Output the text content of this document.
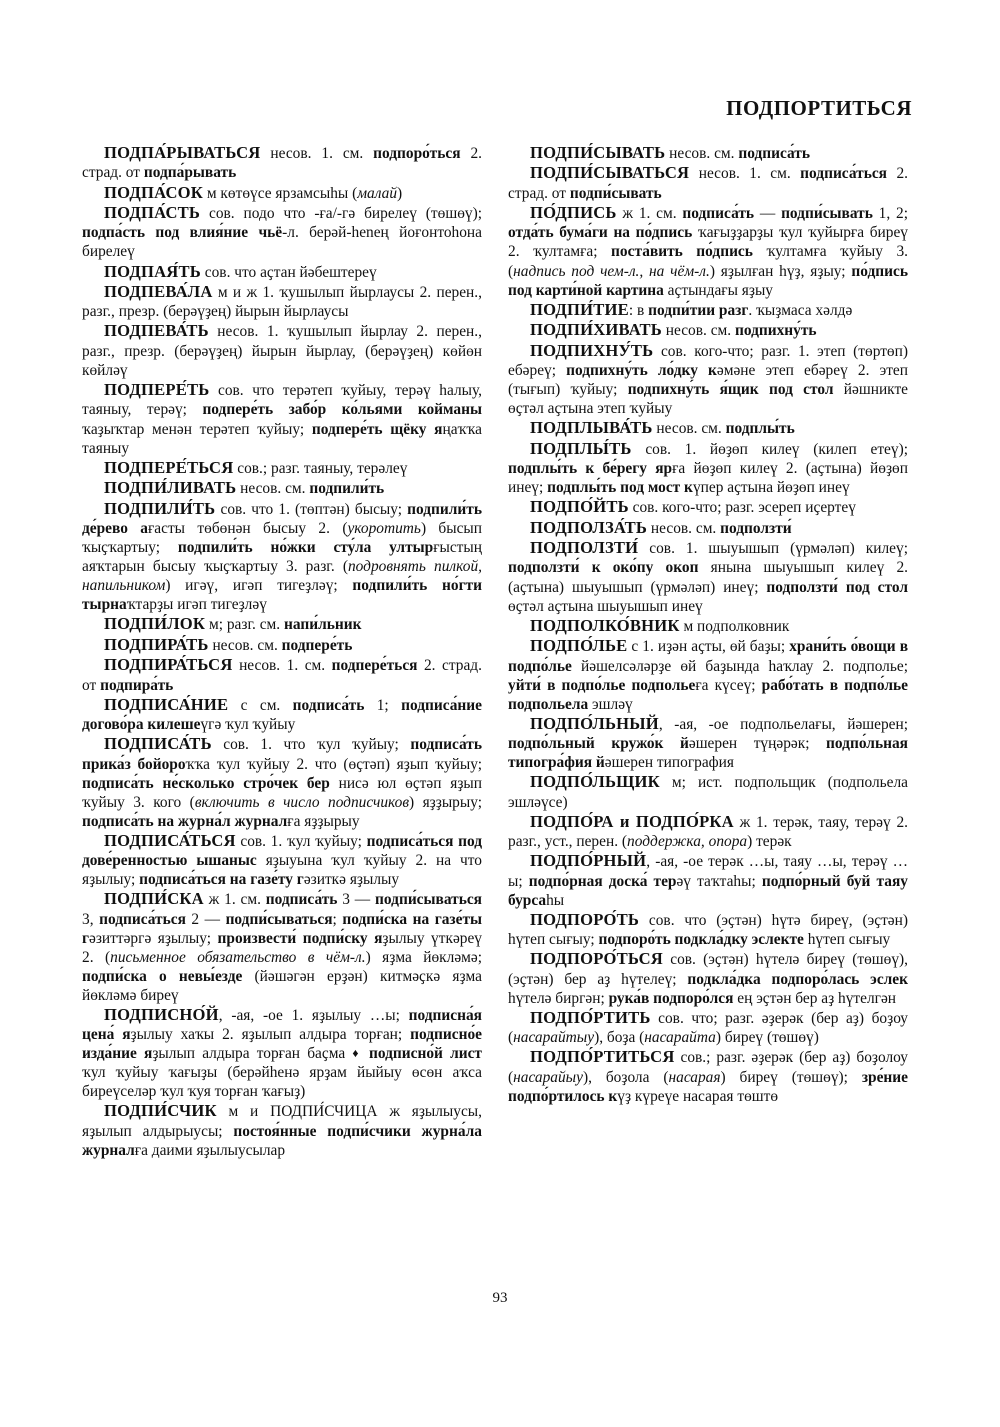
ПОДПОРТИТЬСЯ

ПОДПА́РЫВАТЬСЯ несов. 1. см. подпоро́ться 2. страд. от подпа́рывать

ПОДПА́СОК м көтөүсе ярзамсыһы (малай)

ПОДПА́СТЬ сов. подо что -ға/-гә бирелеү (төшөү); подпа́сть под влия́ние чьё-л. берәй-heneң йоғонтоһона бирелеү

ПОДПАЯ́ТЬ сов. что аҫтан йәбештереү

ПОДПЕВА́ЛА м и ж 1. ҡушылып йырлаусы 2. перен., разг., презр. (берәүҙең) йырын йырлаусы

ПОДПЕВА́ТЬ несов. 1. ҡушылып йырлау 2. перен., разг., презр. (берәүҙең) йырын йырлау, (берәүҙең) көйөн көйләү

ПОДПЕРЕ́ТЬ сов. что терәтеп ҡуйыу, терәү һалыу, таяныу, терәү; подпере́ть забо́р ко́льями койманы ҡаҙыҡтар менән терәтеп ҡуйыу; подпере́ть щёку яңаҡҡа таяныу

ПОДПЕРЕ́ТЬСЯ сов.; разг. таяныу, терәлеү

ПОДПИ́ЛИВАТЬ несов. см. подпили́ть

ПОДПИЛИ́ТЬ сов. что 1. (төптән) бысыу; подпили́ть де́рево ағасты төбөнән бысыу 2. (укоротить) бысып ҡыҫҡартыу; подпили́ть но́жки сту́ла ултырғыстың аяҡтарын бысыу ҡыҫҡартыу 3. разг. (подровнять пилкой, напильником) игәү, игәп тигеҙләү; подпили́ть но́гти тырнаҡтарҙы игәп тигеҙләү

ПОДПИ́ЛОК м; разг. см. напи́льник

ПОДПИРА́ТЬ несов. см. подпере́ть

ПОДПИРА́ТЬСЯ несов. 1. см. подпере́ться 2. страд. от подпира́ть

ПОДПИСА́НИЕ с см. подписа́ть 1; подписа́ние догово́ра килешеүгә ҡул ҡуйыу

ПОДПИСА́ТЬ сов. 1. что ҡул ҡуйыу; подписа́ть прика́з бойороҡҡа ҡул ҡуйыу 2. что (өҫтәп) яҙып ҡуйыу; подписа́ть не́сколько стро́чек бер нисә юл өҫтәп яҙып ҡуйыу 3. кого (включить в число подписчиков) яҙҙырыу; подписа́ть на журна́л журналға яҙҙырыу

ПОДПИСА́ТЬСЯ сов. 1. ҡул ҡуйыу; подписа́ться под дове́ренностью ышаныс яҙыуына ҡул ҡуйыу 2. на что яҙылыу; подписа́ться на газе́ту гәзиткә яҙылыу

ПОДПИ́СКА ж 1. см. подписа́ть 3 — подпи́сываться 3, подписа́ться 2 — подпи́сываться; подпи́ска на газе́ты гәзиттәргә яҙылыу; произвести́ подпи́ску яҙылыу үткәреү 2. (письменное обязательство в чём-л.) яҙма йөкләмә; подпи́ска о невы́езде (йәшәгән ерҙән) китмәҫкә яҙма йөкләмә биреү

ПОДПИСНО́Й, -ая, -ое 1. яҙылыу …ы; подписна́я цена́ яҙылыу хаҡы 2. яҙылып алдыра торған; подписно́е изда́ние яҙылып алдыра торған баҫма ♦ подписно́й лист ҡул ҡуйыу ҡағыҙы (берәйһенә ярҙам йыйыу өсөн аҡса биреүселәр ҡул ҡуя торған ҡағыҙ)

ПОДПИ́СЧИК м и ПОДПИ́СЧИЦА ж яҙылыусы, яҙылып алдырыусы; постоя́нные подпи́счики журна́ла журналға даими яҙылыусылар

ПОДПИ́СЫВАТЬ несов. см. подписа́ть

ПОДПИ́СЫВАТЬСЯ несов. 1. см. подписа́ться 2. страд. от подпи́сывать

ПО́ДПИСЬ ж 1. см. подписа́ть — подпи́сывать 1, 2; отда́ть бума́ги на по́дпись ҡағыҙҙарҙы ҡул ҡуйырға биреү 2. ҡултамға; поста́вить по́дпись ҡултамға ҡуйыу 3. (надпись под чем-л., на чём-л.) яҙылған һүҙ, яҙыу; по́дпись под карти́ной картина аҫтындағы яҙыу

ПОДПИ́ТИЕ: в подпи́тии разг. ҡыҙмаса хәлдә

ПОДПИ́ХИВАТЬ несов. см. подпихну́ть

ПОДПИХНУ́ТЬ сов. кого-что; разг. 1. этеп (төртөп) ебәреү; подпихну́ть ло́дку кәмәне этеп ебәреү 2. этеп (тығып) ҡуйыу; подпихну́ть я́щик под стол йәшникте өҫтәл аҫтына этеп ҡуйыу

ПОДПЛЫВА́ТЬ несов. см. подплы́ть

ПОДПЛЫ́ТЬ сов. 1. йөҙөп килеү (килеп етеү); подплы́ть к бе́регу ярға йөҙөп килеү 2. (аҫтына) йөҙөп инеү; подплы́ть под мост күпер аҫтына йөҙөп инеү

ПОДПО́ЙТЬ сов. кого-что; разг. эсереп иҫертеү

ПОДПОЛЗА́ТЬ несов. см. подползти́

ПОДПОЛЗТИ́ сов. 1. шыуышып (үрмәләп) килеү; подползти́ к око́пу окоп янына шыуышып килеү 2. (аҫтына) шыуышып (үрмәләп) инеү; подползти́ под стол өҫтәл аҫтына шыуышып инеү

ПОДПОЛКО́ВНИК м подполковник

ПОДПО́ЛЬЕ с 1. иҙән аҫты, өй баҙы; храни́ть о́вощи в подпо́лье йәшелсәләрҙе өй баҙында һаҡлау 2. подполье; уйти́ в подпо́лье подпольеға күсеү; рабо́тать в подпо́лье подпольела эшләү

ПОДПО́ЛЬНЫЙ, -ая, -ое подпольелағы, йәшерен; подпо́льный кружо́к йәшерен түңәрәк; подпо́льная типогра́фия йәшерен типография

ПОДПО́ЛЬЩИК м; ист. подпольщик (подпольела эшләүсе)

ПОДПО́РА и ПОДПО́РКА ж 1. терәк, таяу, терәү 2. разг., уст., перен. (поддержка, опора) терәк

ПОДПО́РНЫЙ, -ая, -ое терәк …ы, таяу …ы, терәү …ы; подпо́рная доска́ терәү таҡтаһы; подпо́рный буй таяу бурсаһы

ПОДПОРО́ТЬ сов. что (эҫтән) һүтә биреү, (эҫтән) һүтеп сығыу; подпоро́ть подкла́дку эслекте һүтеп сығыу

ПОДПОРО́ТЬСЯ сов. (эҫтән) һүтелә биреү (төшөү), (эҫтән) бер аҙ һүтелеү; подкла́дка подпоро́лась эслек һүтелә биргән; рука́в подпоро́лся eң эҫтән бер аҙ һүтелгән

ПОДПО́РТИТЬ сов. что; разг. әҙерәк (бер аҙ) боҙоу (насарайтыу), боҙа (насарайта) биреү (төшөү)

ПОДПО́РТИТЬСЯ сов.; разг. әҙерәк (бер аҙ) боҙолоу (насарайыу), боҙола (насарая) биреү (төшөү); зре́ние подпо́ртилось күҙ күреүе насарая төштө

93
